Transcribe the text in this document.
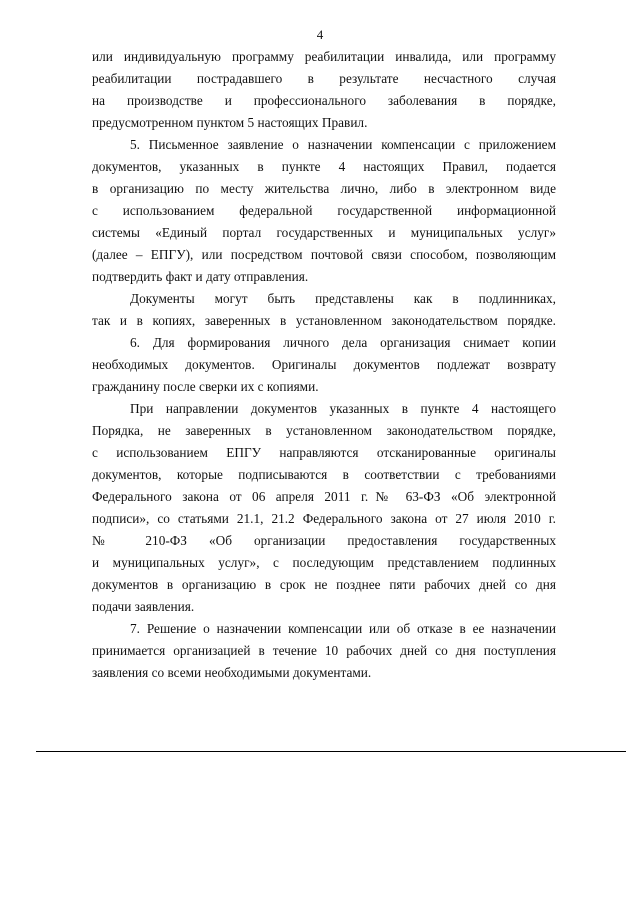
4
или индивидуальную программу реабилитации инвалида, или программу
реабилитации пострадавшего в результате несчастного случая
на производстве и профессионального заболевания в порядке,
предусмотренном пунктом 5 настоящих Правил.
5. Письменное заявление о назначении компенсации с приложением
документов, указанных в пункте 4 настоящих Правил, подается
в организацию по месту жительства лично, либо в электронном виде
с использованием федеральной государственной информационной
системы «Единый портал государственных и муниципальных услуг»
(далее – ЕПГУ), или посредством почтовой связи способом, позволяющим
подтвердить факт и дату отправления.
Документы могут быть представлены как в подлинниках,
так и в копиях, заверенных в установленном законодательством порядке.
6. Для формирования личного дела организация снимает копии
необходимых документов. Оригиналы документов подлежат возврату
гражданину после сверки их с копиями.
При направлении документов указанных в пункте 4 настоящего
Порядка, не заверенных в установленном законодательством порядке,
с использованием ЕПГУ направляются отсканированные оригиналы
документов, которые подписываются в соответствии с требованиями
Федерального закона от 06 апреля 2011 г.№ 63-ФЗ «Об электронной
подписи», со статьями 21.1, 21.2 Федерального закона от 27 июля 2010 г.
№ 210-ФЗ «Об организации предоставления государственных
и муниципальных услуг», с последующим представлением подлинных
документов в организацию в срок не позднее пяти рабочих дней со дня
подачи заявления.
7. Решение о назначении компенсации или об отказе в ее назначении
принимается организацией в течение 10 рабочих дней со дня поступления
заявления со всеми необходимыми документами.
